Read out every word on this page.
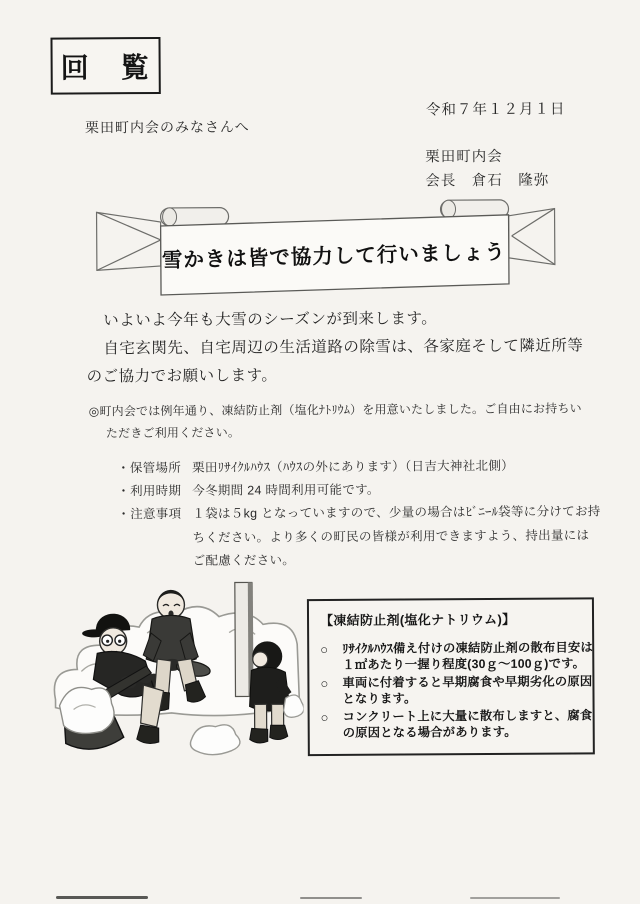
回　覧
令和７年１２月１日
栗田町内会のみなさんへ
栗田町内会
会長　倉石　隆弥
雪かきは皆で協力して行いましょう
いよいよ今年も大雪のシーズンが到来します。
自宅玄関先、自宅周辺の生活道路の除雪は、各家庭そして隣近所等
のご協力でお願いします。
◎町内会では例年通り、凍結防止剤（塩化ﾅﾄﾘｳﾑ）を用意いたしました。ご自由にお持ちい
ただきご利用ください。
・保管場所 栗田ﾘｻｲｸﾙﾊｳｽ（ﾊｳｽの外にあります）（日吉大神社北側）
・利用時期 今冬期間 24 時間利用可能です。
・注意事項 １袋は５kg となっていますので、少量の場合はﾋﾞﾆｰﾙ袋等に分けてお持
ちください。より多くの町民の皆様が利用できますよう、持出量には
ご配慮ください。
【凍結防止剤(塩化ナトリウム)】
○	ﾘｻｲｸﾙﾊｳｽ備え付けの凍結防止剤の散布目安は
１㎡あたり一握り程度(30ｇ～100ｇ)です。
○	車両に付着すると早期腐食や早期劣化の原因
となります。
○	コンクリート上に大量に散布しますと、腐食
の原因となる場合があります。
